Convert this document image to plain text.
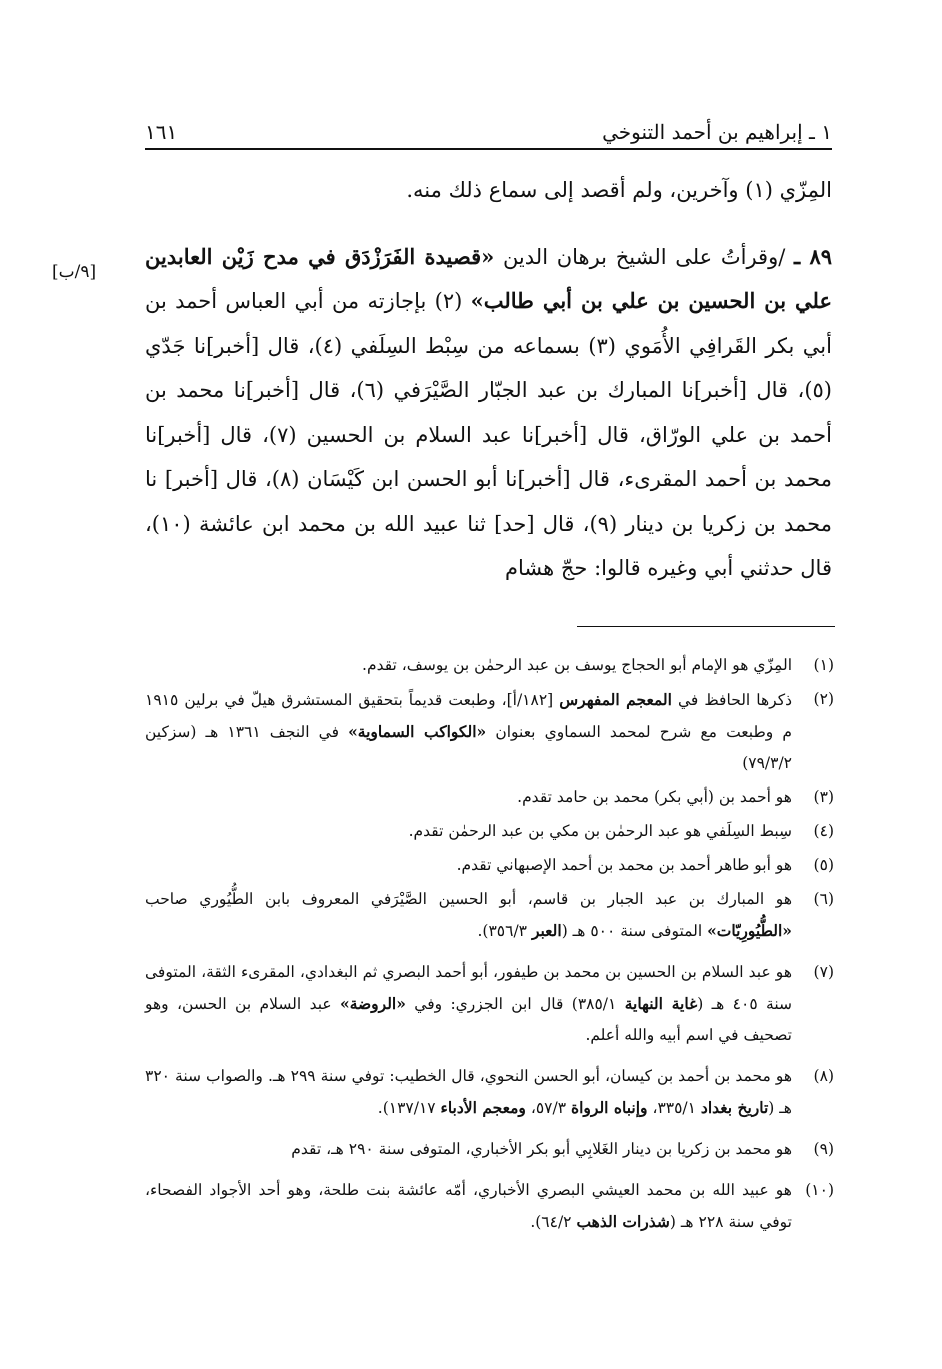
١ ـ إبراهيم بن أحمد التنوخي
١٦١
[٩/ب]

المِزّي (١) وآخرين، ولم أقصد إلى سماع ذلك منه.

٨٩ ـ /وقرأتُ على الشيخ برهان الدين «قصيدة الفَرَزْدَق في مدح زَيْن العابدين علي بن الحسين بن علي بن أبي طالب» (٢) بإجازته من أبي العباس أحمد بن أبي بكر القَرافِي الأُمَوي (٣) بسماعه من سِبْط السِلَفي (٤)، قال [أخبر]نا جَدّي (٥)، قال [أخبر]نا المبارك بن عبد الجبّار الصَّيْرَفي (٦)، قال [أخبر]نا محمد بن أحمد بن علي الورّاق، قال [أخبر]نا عبد السلام بن الحسين (٧)، قال [أخبر]نا محمد بن أحمد المقرىء، قال [أخبر]نا أبو الحسن ابن كَيْسَان (٨)، قال [أخبر] نا محمد بن زكريا بن دينار (٩)، قال [حد] ثنا عبيد الله بن محمد ابن عائشة (١٠)، قال حدثني أبي وغيره قالوا: حجّ هشام

(١)
المِزّي هو الإمام أبو الحجاج يوسف بن عبد الرحمٰن بن يوسف، تقدم.
(٢)
ذكرها الحافظ في المعجم المفهرس [١٨٢/أ]، وطبعت قديماً بتحقيق المستشرق هيلّ في برلين ١٩١٥ م وطبعت مع شرح لمحمد السماوي بعنوان «الكواكب السماوية» في النجف ١٣٦١ هـ (سزكين ٧٩/٣/٢)
(٣)
هو أحمد بن (أبي بكر) محمد بن حامد تقدم.
(٤)
سِبط السِلَفي هو عبد الرحمٰن بن مكي بن عبد الرحمٰن تقدم.
(٥)
هو أبو طاهر أحمد بن محمد بن أحمد الإصبهاني تقدم.
(٦)
هو المبارك بن عبد الجبار بن قاسم، أبو الحسين الصَّيْرَفي المعروف بابن الطُّيُوري صاحب «الطُّيُورِيّات» المتوفى سنة ٥٠٠ هـ (العبر ٣٥٦/٣).
(٧)
هو عبد السلام بن الحسين بن محمد بن طيفور، أبو أحمد البصري ثم البغدادي، المقرىء الثقة، المتوفى سنة ٤٠٥ هـ (غاية النهاية ٣٨٥/١) قال ابن الجزري: وفي «الروضة» عبد السلام بن الحسن، وهو تصحيف في اسم أبيه والله أعلم.
(٨)
هو محمد بن أحمد بن كيسان، أبو الحسن النحوي، قال الخطيب: توفي سنة ٢٩٩ هـ. والصواب سنة ٣٢٠ هـ (تاريخ بغداد ٣٣٥/١، وإنباه الرواة ٥٧/٣، ومعجم الأدباء ١٣٧/١٧).
(٩)
هو محمد بن زكريا بن دينار الغَلابِي أبو بكر الأخباري، المتوفى سنة ٢٩٠ هـ، تقدم
(١٠)
هو عبيد الله بن محمد العيشي البصري الأخباري، أمّه عائشة بنت طلحة، وهو أحد الأجواد الفصحاء، توفي سنة ٢٢٨ هـ (شذرات الذهب ٦٤/٢).
